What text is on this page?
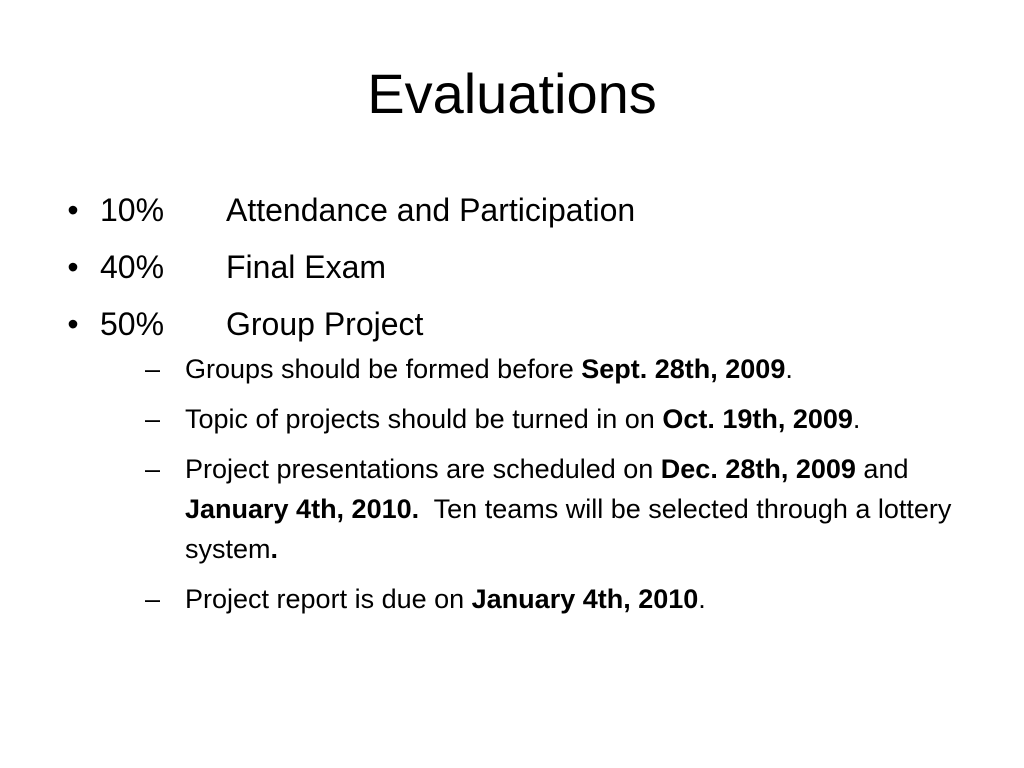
Evaluations
• 10% Attendance and Participation
• 40% Final Exam
• 50% Group Project
– Groups should be formed before Sept. 28th, 2009.
– Topic of projects should be turned in on Oct. 19th, 2009.
– Project presentations are scheduled on Dec. 28th, 2009 and January 4th, 2010.  Ten teams will be selected through a lottery system.
– Project report is due on January 4th, 2010.
